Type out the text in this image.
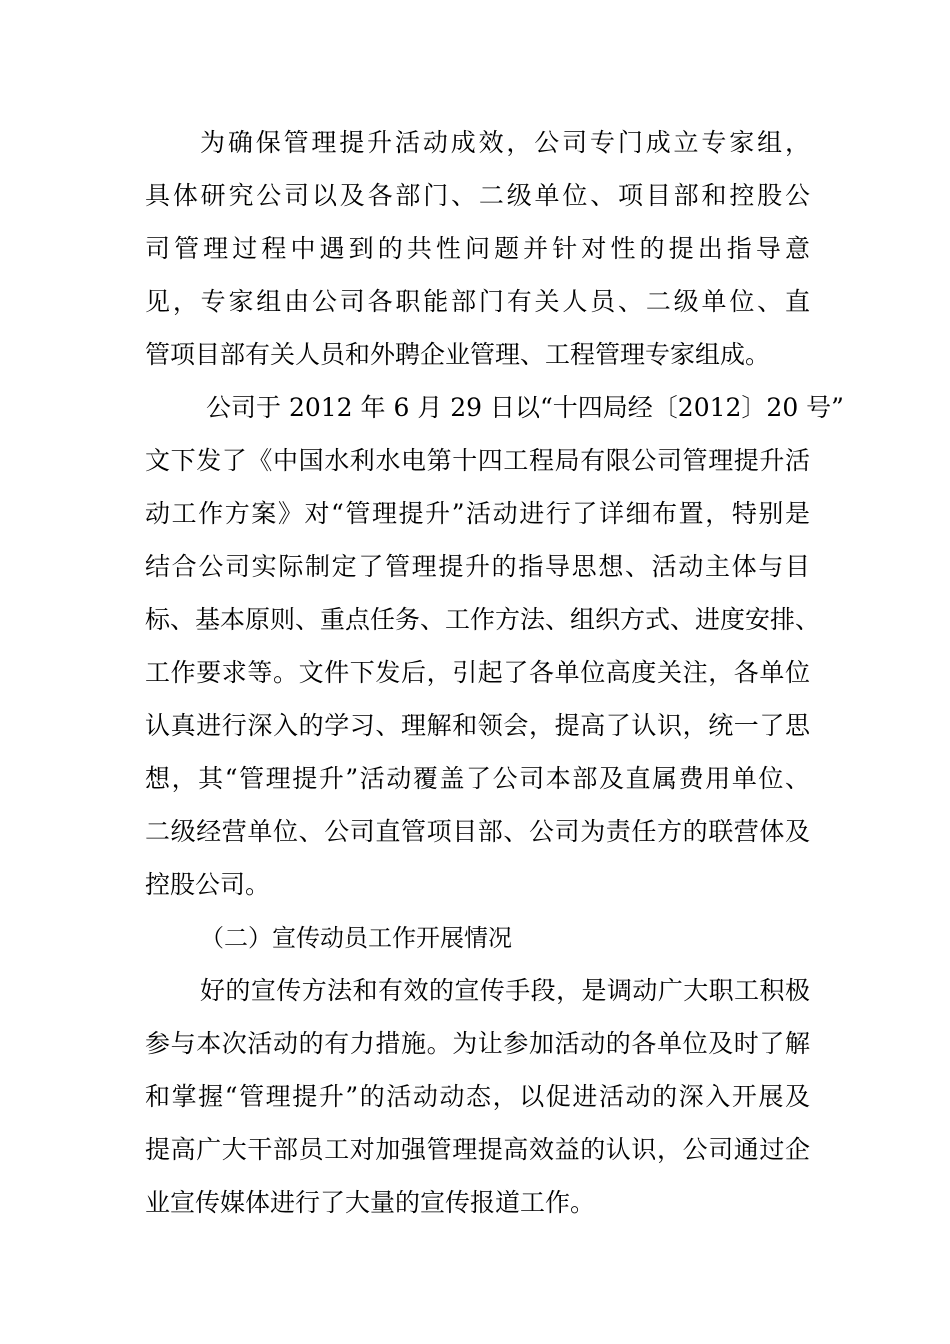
为确保管理提升活动成效，公司专门成立专家组，
具体研究公司以及各部门、二级单位、项目部和控股公
司管理过程中遇到的共性问题并针对性的提出指导意
见，专家组由公司各职能部门有关人员、二级单位、直
管项目部有关人员和外聘企业管理、工程管理专家组成。
公司于 2012 年 6 月 29 日以“十四局经〔2012〕20 号”
文下发了《中国水利水电第十四工程局有限公司管理提升活
动工作方案》对“管理提升”活动进行了详细布置，特别是
结合公司实际制定了管理提升的指导思想、活动主体与目
标、基本原则、重点任务、工作方法、组织方式、进度安排、
工作要求等。文件下发后，引起了各单位高度关注，各单位
认真进行深入的学习、理解和领会，提高了认识，统一了思
想，其“管理提升”活动覆盖了公司本部及直属费用单位、
二级经营单位、公司直管项目部、公司为责任方的联营体及
控股公司。
（二）宣传动员工作开展情况
好的宣传方法和有效的宣传手段，是调动广大职工积极
参与本次活动的有力措施。为让参加活动的各单位及时了解
和掌握“管理提升”的活动动态，以促进活动的深入开展及
提高广大干部员工对加强管理提高效益的认识，公司通过企
业宣传媒体进行了大量的宣传报道工作。
